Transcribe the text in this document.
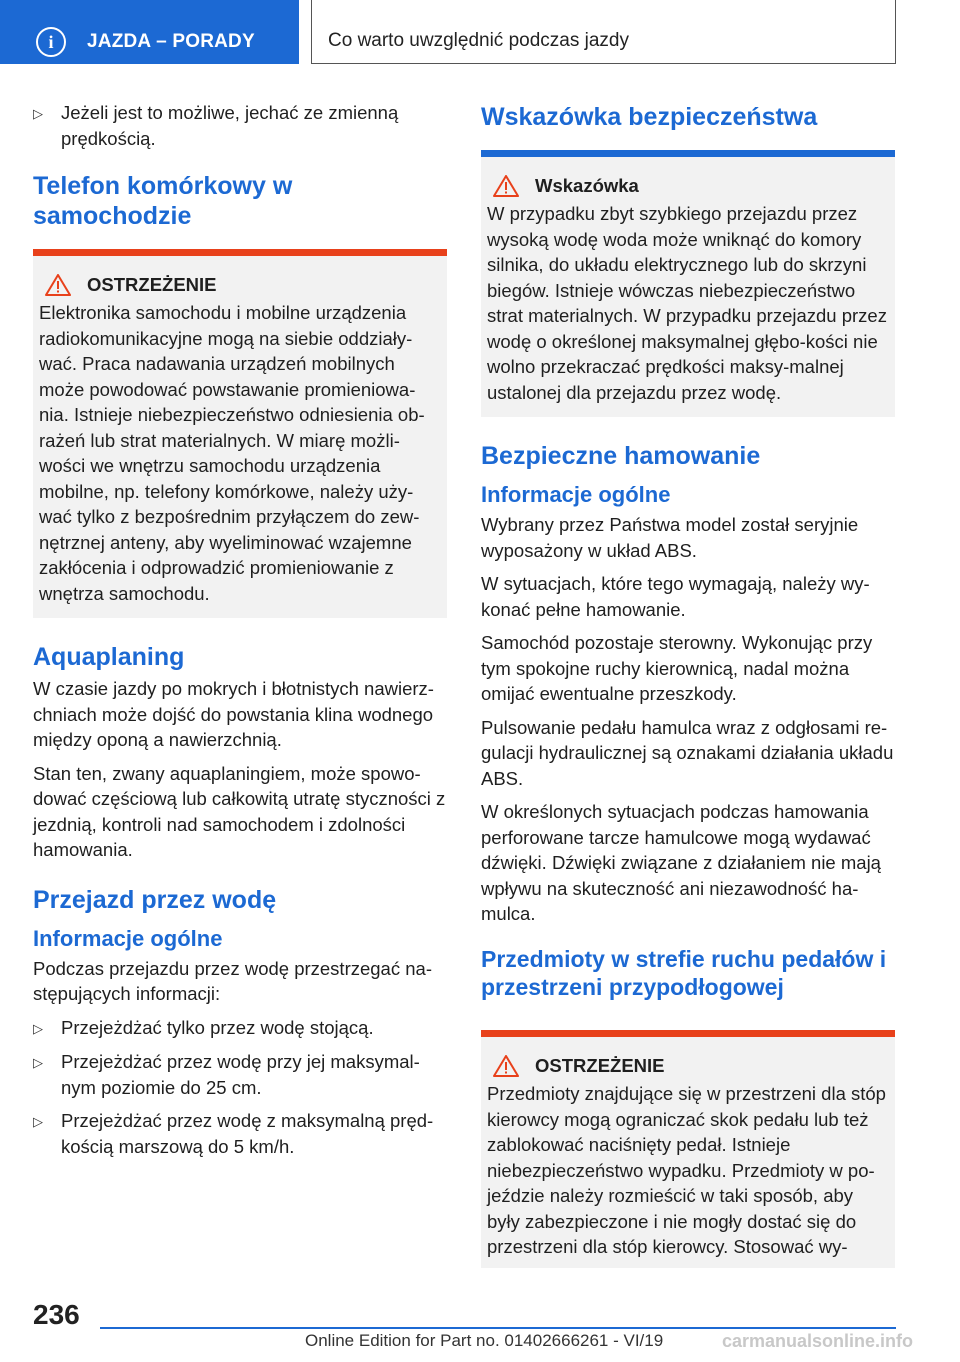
i	JAZDA – PORADY	Co warto uwzględnić podczas jazdy
▷ Jeżeli jest to możliwe, jechać ze zmienną prędkością.
Telefon komórkowy w samochodzie
OSTRZEŻENIE

Elektronika samochodu i mobilne urządzenia radiokomunikacyjne mogą na siebie oddziały-wać. Praca nadawania urządzeń mobilnych może powodować powstawanie promieniowa-nia. Istnieje niebezpieczeństwo odniesienia ob-rażeń lub strat materialnych. W miarę możli-wości we wnętrzu samochodu urządzenia mobilne, np. telefony komórkowe, należy uży-wać tylko z bezpośrednim przyłączem do zew-nętrznej anteny, aby wyeliminować wzajemne zakłócenia i odprowadzić promieniowanie z wnętrza samochodu.

Aquaplaning

W czasie jazdy po mokrych i błotnistych nawierz-chniach może dojść do powstania klina wodnego między oponą a nawierzchnią.

Stan ten, zwany aquaplaningiem, może spowo-dować częściową lub całkowitą utratę styczności z jezdnią, kontroli nad samochodem i zdolności hamowania.

Przejazd przez wodę
Informacje ogólne

Podczas przejazdu przez wodę przestrzegać na-stępujących informacji:

▷ Przejeżdżać tylko przez wodę stojącą.
▷ Przejeżdżać przez wodę przy jej maksymal-nym poziomie do 25 cm.
▷ Przejeżdżać przez wodę z maksymalną pręd-kością marszową do 5 km/h.
Wskazówka bezpieczeństwa
Wskazówka

W przypadku zbyt szybkiego przejazdu przez wysoką wodę woda może wniknąć do komory silnika, do układu elektrycznego lub do skrzyni biegów. Istnieje wówczas niebezpieczeństwo strat materialnych. W przypadku przejazdu przez wodę o określonej maksymalnej głębo-kości nie wolno przekraczać prędkości maksy-malnej ustalonej dla przejazdu przez wodę.

Bezpieczne hamowanie
Informacje ogólne

Wybrany przez Państwa model został seryjnie wyposażony w układ ABS.

W sytuacjach, które tego wymagają, należy wy-konać pełne hamowanie.

Samochód pozostaje sterowny. Wykonując przy tym spokojne ruchy kierownicą, nadal można omijać ewentualne przeszkody.

Pulsowanie pedału hamulca wraz z odgłosami re-gulacji hydraulicznej są oznakami działania układu ABS.

W określonych sytuacjach podczas hamowania perforowane tarcze hamulcowe mogą wydawać dźwięki. Dźwięki związane z działaniem nie mają wpływu na skuteczność ani niezawodność ha-mulca.

Przedmioty w strefie ruchu pedałów i przestrzeni przypodłogowej
OSTRZEŻENIE

Przedmioty znajdujące się w przestrzeni dla stóp kierowcy mogą ograniczać skok pedału lub też zablokować naciśnięty pedał. Istnieje niebezpieczeństwo wypadku. Przedmioty w po-jeździe należy rozmieścić w taki sposób, aby były zabezpieczone i nie mogły dostać się do przestrzeni dla stóp kierowcy. Stosować wy-

236
Online Edition for Part no. 01402666261 - VI/19	carmanualsonline.info
